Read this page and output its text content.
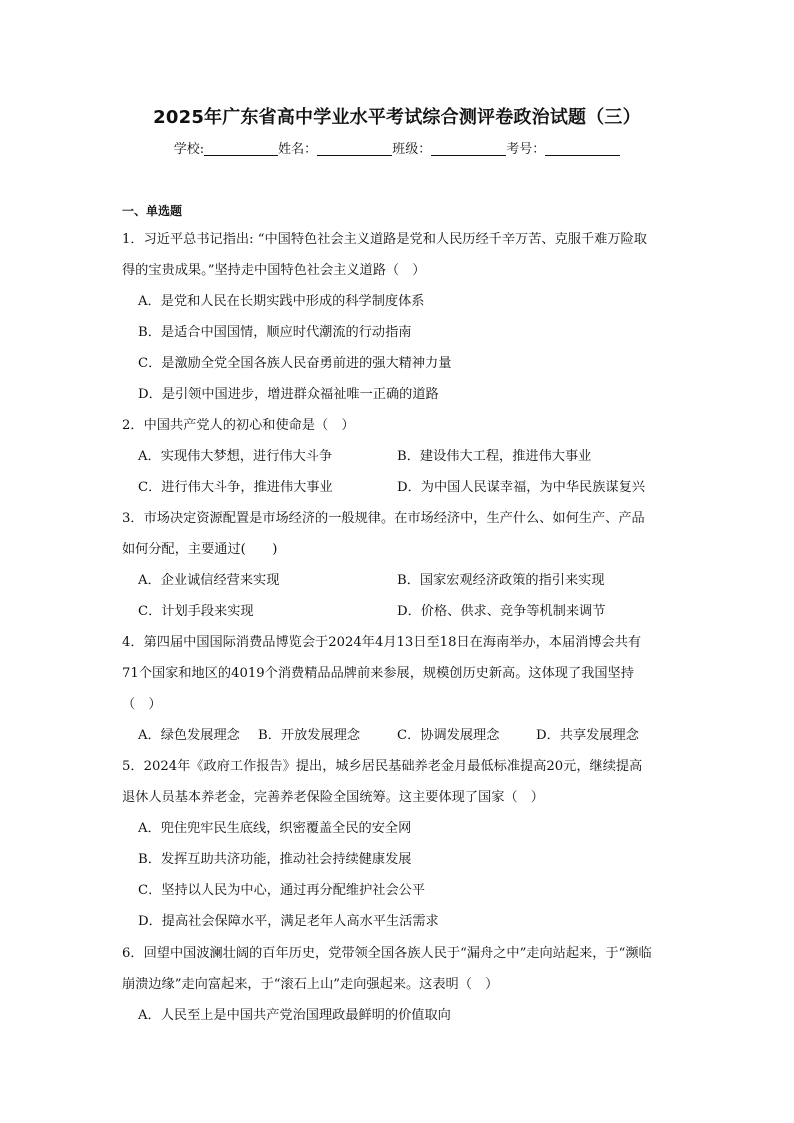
2025年广东省高中学业水平考试综合测评卷政治试题（三）
学校:	姓名：	班级：	考号：
一、单选题
1．习近平总书记指出: “中国特色社会主义道路是党和人民历经千辛万苦、克服千难万险取
得的宝贵成果。”坚持走中国特色社会主义道路（　）
A．是党和人民在长期实践中形成的科学制度体系
B．是适合中国国情，顺应时代潮流的行动指南
C．是激励全党全国各族人民奋勇前进的强大精神力量
D．是引领中国进步，增进群众福祉唯一正确的道路
2．中国共产党人的初心和使命是（　）
A．实现伟大梦想，进行伟大斗争	B．建设伟大工程，推进伟大事业
C．进行伟大斗争，推进伟大事业	D．为中国人民谋幸福，为中华民族谋复兴
3．市场决定资源配置是市场经济的一般规律。在市场经济中，生产什么、如何生产、产品
如何分配，主要通过(　　)
A．企业诚信经营来实现	B．国家宏观经济政策的指引来实现
C．计划手段来实现	D．价格、供求、竞争等机制来调节
4．第四届中国国际消费品博览会于2024年4月13日至18日在海南举办，本届消博会共有
71个国家和地区的4019个消费精品品牌前来参展，规模创历史新高。这体现了我国坚持
（　）
A．绿色发展理念 B．开放发展理念	C．协调发展理念	D．共享发展理念
5．2024年《政府工作报告》提出，城乡居民基础养老金月最低标准提高20元，继续提高
退休人员基本养老金，完善养老保险全国统筹。这主要体现了国家（　）
A．兜住兜牢民生底线，织密覆盖全民的安全网
B．发挥互助共济功能，推动社会持续健康发展
C．坚持以人民为中心，通过再分配维护社会公平
D．提高社会保障水平，满足老年人高水平生活需求
6．回望中国波澜壮阔的百年历史，党带领全国各族人民于“漏舟之中”走向站起来，于“濒临
崩溃边缘”走向富起来，于“滚石上山”走向强起来。这表明（　）
A．人民至上是中国共产党治国理政最鲜明的价值取向
